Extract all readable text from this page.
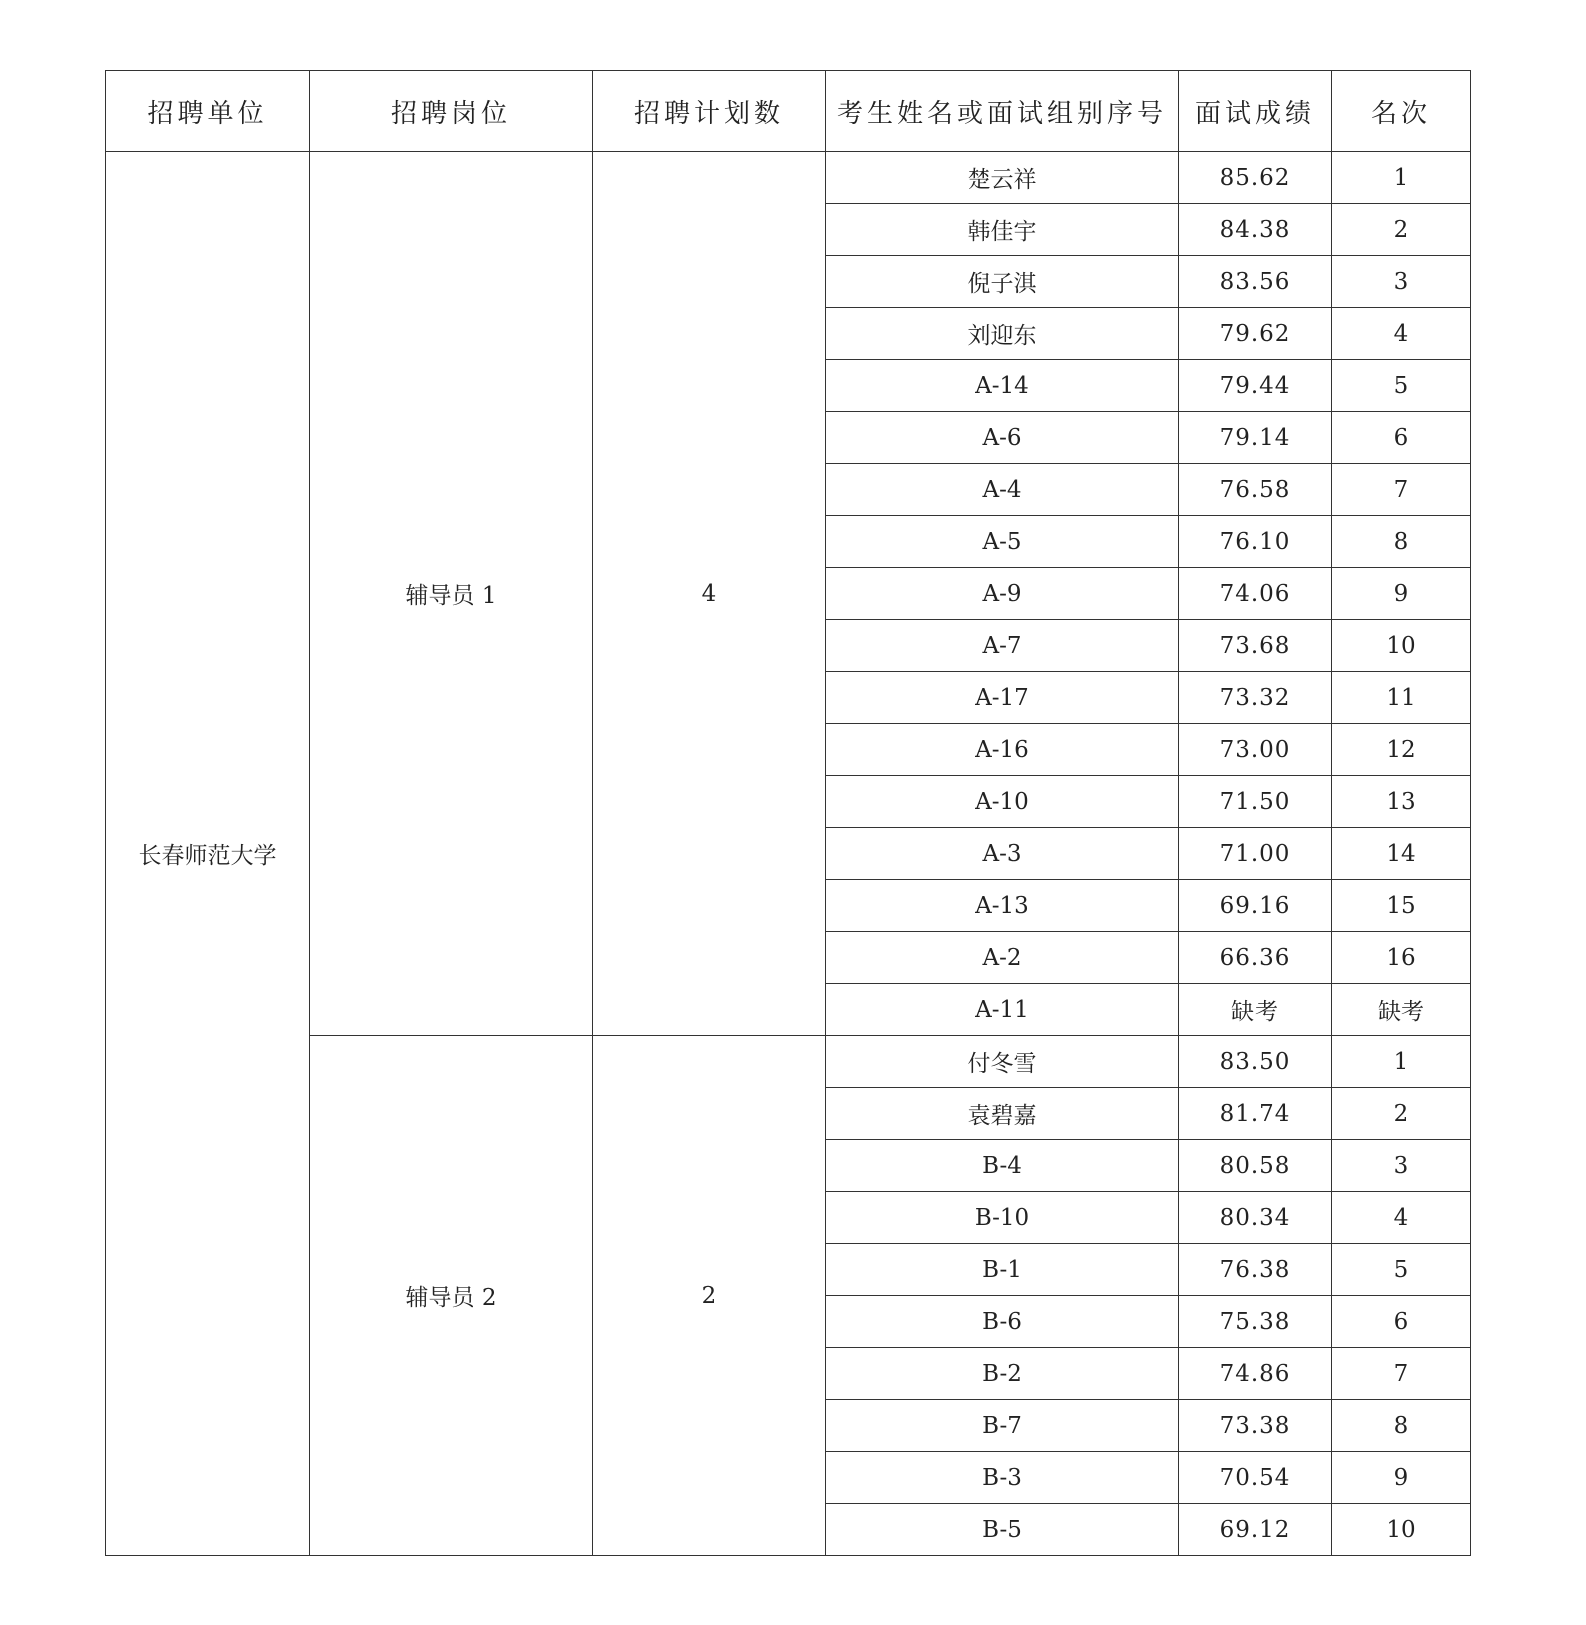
招聘单位	招聘岗位	招聘计划数	考生姓名或面试组别序号	面试成绩	名次
长春师范大学	辅导员 1	4	楚云祥	85.62	1
			韩佳宇	84.38	2
			倪子淇	83.56	3
			刘迎东	79.62	4
			A-14	79.44	5
			A-6	79.14	6
			A-4	76.58	7
			A-5	76.10	8
			A-9	74.06	9
			A-7	73.68	10
			A-17	73.32	11
			A-16	73.00	12
			A-10	71.50	13
			A-3	71.00	14
			A-13	69.16	15
			A-2	66.36	16
			A-11	缺考	缺考
	辅导员 2	2	付冬雪	83.50	1
			袁碧嘉	81.74	2
			B-4	80.58	3
			B-10	80.34	4
			B-1	76.38	5
			B-6	75.38	6
			B-2	74.86	7
			B-7	73.38	8
			B-3	70.54	9
			B-5	69.12	10
